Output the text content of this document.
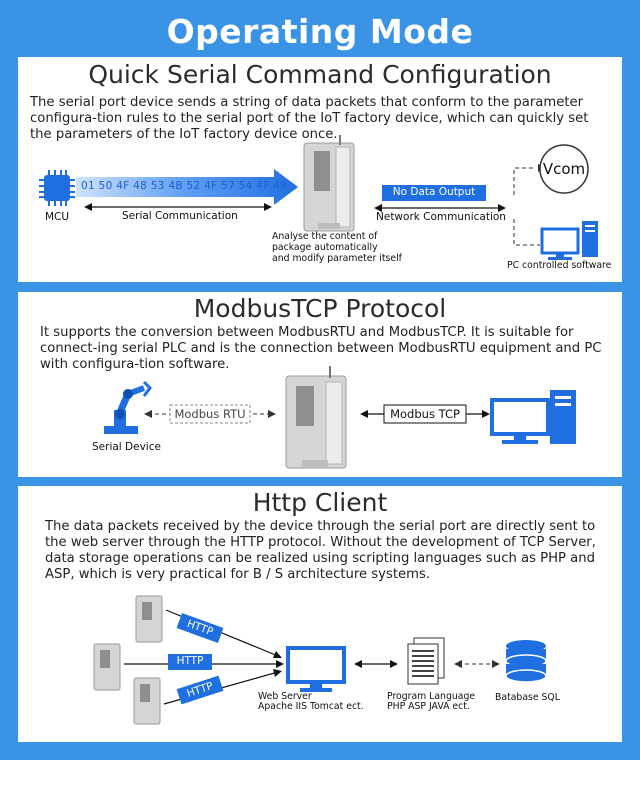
Operating Mode
Quick Serial Command Configuration
The serial port device sends a string of data packets that conform to the parameter configura-tion rules to the serial port of the IoT factory device, which can quickly set the parameters of the IoT factory device once.
01 50 4F 48 53 4B 52 4F 57 54 4F 49
MCU	Serial Communication
Analyse the content of
package automatically
and modify parameter itself
No Data Output
Network Communication
Vcom
PC controlled software
ModbusTCP Protocol
It supports the conversion between ModbusRTU and ModbusTCP. It is suitable for connect-ing serial PLC and is the connection between ModbusRTU equipment and PC with configura-tion software.
Modbus RTU	Modbus TCP
Serial Device
Http Client
The data packets received by the device through the serial port are directly sent to the web server through the HTTP protocol. Without the development of TCP Server, data storage operations can be realized using scripting languages such as PHP and ASP, which is very practical for B / S architecture systems.
HTTP
HTTP
HTTP	Web Server
Apache IIS Tomcat ect.
Program Language
PHP ASP JAVA ect.
Batabase SQL
